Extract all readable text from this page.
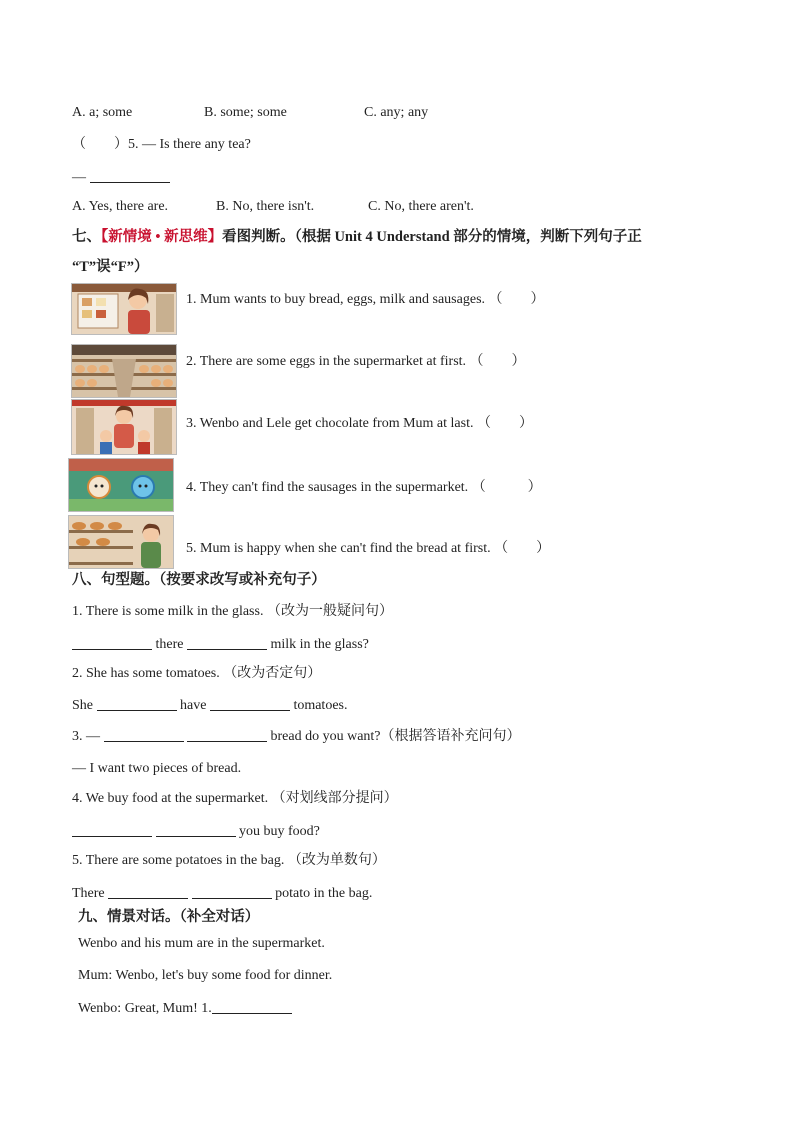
A. a; some	B. some; some	C. any; any
（　　）5. — Is there any tea?
—
A. Yes, there are.	B. No, there isn't.	C. No, there aren't.
七、【新情境 • 新思维】看图判断。（根据 Unit 4 Understand 部分的情境，判断下列句子正
“T”误“F”）
1. Mum wants to buy bread, eggs, milk and sausages. （　　）
2. There are some eggs in the supermarket at first. （　　）
3. Wenbo and Lele get chocolate from Mum at last. （　　）
4. They can't find the sausages in the supermarket. （　　　）
5. Mum is happy when she can't find the bread at first. （　　）
八、句型题。（按要求改写或补充句子）
1. There is some milk in the glass. （改为一般疑问句）
there	milk in the glass?
2. She has some tomatoes. （改为否定句）
She	have	tomatoes.
3. —	bread do you want?（根据答语补充问句）
— I want two pieces of bread.
4. We buy food at the supermarket. （对划线部分提问）
you buy food?
5. There are some potatoes in the bag. （改为单数句）
There	potato in the bag.
九、情景对话。（补全对话）
Wenbo and his mum are in the supermarket.
Mum: Wenbo, let's buy some food for dinner.
Wenbo: Great, Mum! 1.
